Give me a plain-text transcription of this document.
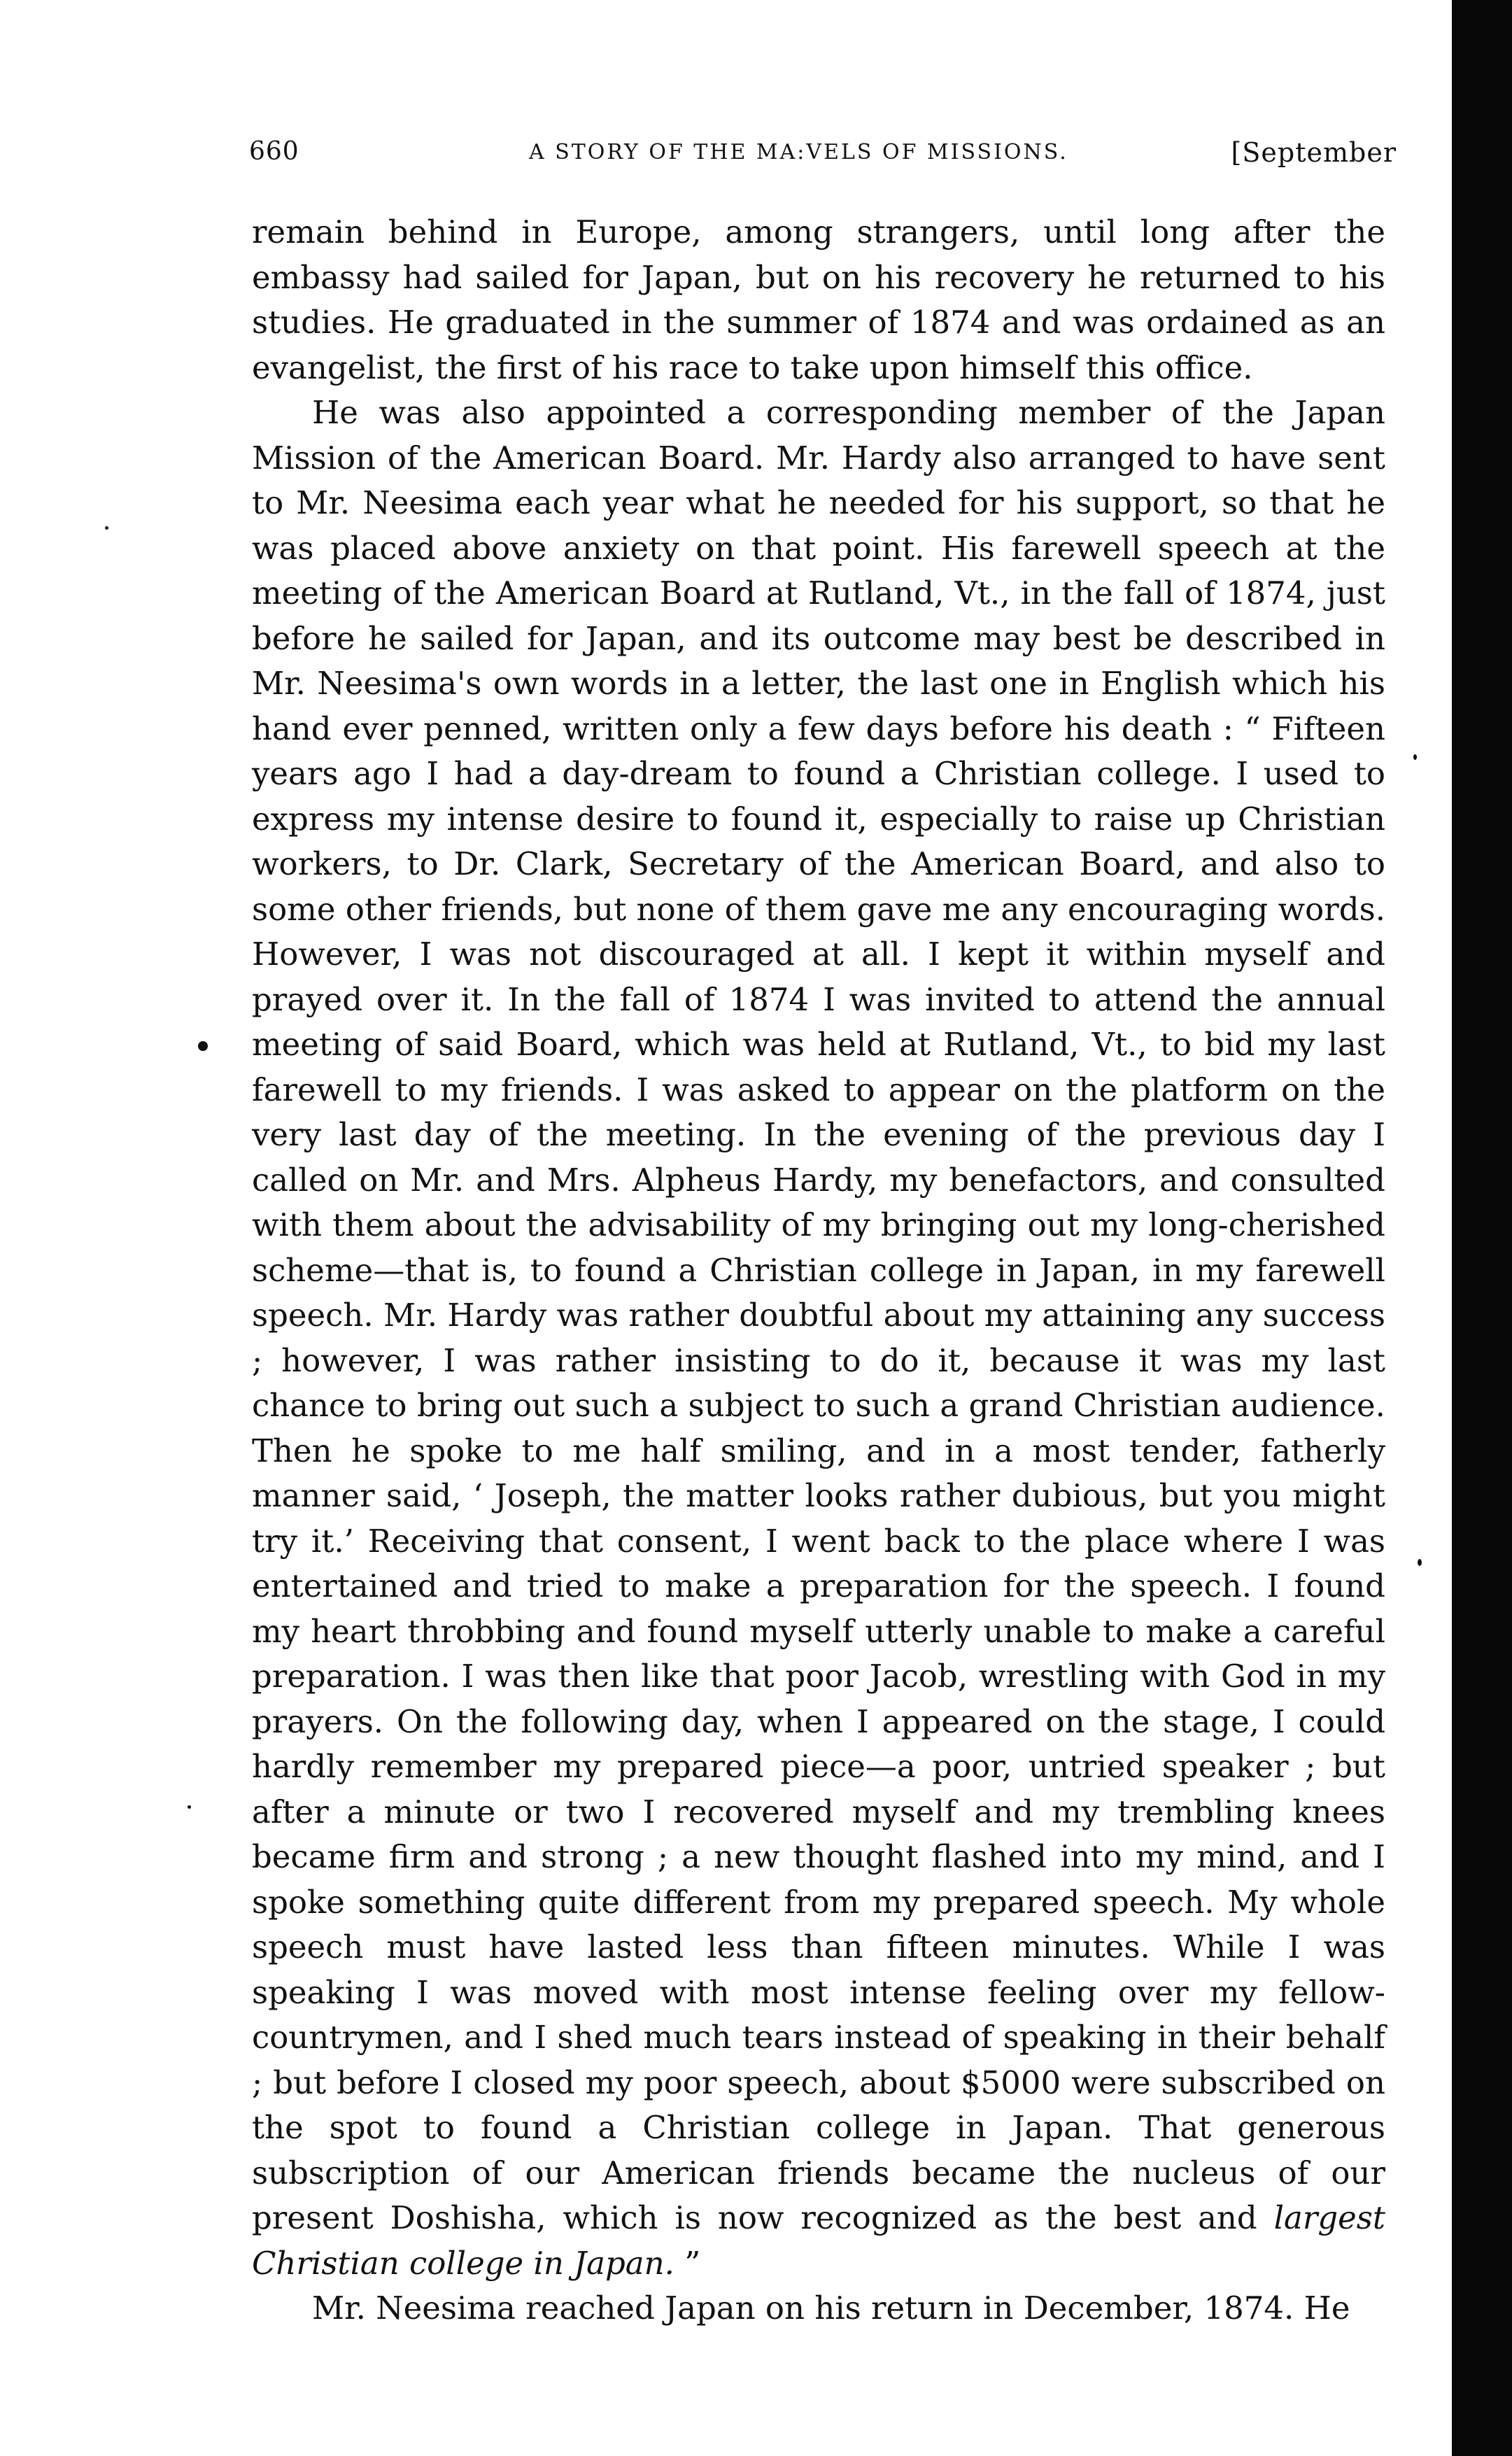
660	A STORY OF THE MA:VELS OF MISSIONS.	[September

remain behind in Europe, among strangers, until long after the embassy had sailed for Japan, but on his recovery he returned to his studies. He graduated in the summer of 1874 and was ordained as an evangelist, the first of his race to take upon himself this office.

He was also appointed a corresponding member of the Japan Mission of the American Board. Mr. Hardy also arranged to have sent to Mr. Neesima each year what he needed for his support, so that he was placed above anxiety on that point. His farewell speech at the meeting of the American Board at Rutland, Vt., in the fall of 1874, just before he sailed for Japan, and its outcome may best be described in Mr. Neesima's own words in a letter, the last one in English which his hand ever penned, written only a few days before his death : “ Fifteen years ago I had a day-dream to found a Christian college. I used to express my intense desire to found it, especially to raise up Christian workers, to Dr. Clark, Secretary of the American Board, and also to some other friends, but none of them gave me any encouraging words. However, I was not discouraged at all. I kept it within myself and prayed over it. In the fall of 1874 I was invited to attend the annual meeting of said Board, which was held at Rutland, Vt., to bid my last farewell to my friends. I was asked to appear on the platform on the very last day of the meeting. In the evening of the previous day I called on Mr. and Mrs. Alpheus Hardy, my benefactors, and consulted with them about the advisability of my bringing out my long-cherished scheme—that is, to found a Christian college in Japan, in my farewell speech. Mr. Hardy was rather doubtful about my attaining any success ; however, I was rather insisting to do it, because it was my last chance to bring out such a subject to such a grand Christian audience. Then he spoke to me half smiling, and in a most tender, fatherly manner said, ‘ Joseph, the matter looks rather dubious, but you might try it.’ Receiving that consent, I went back to the place where I was entertained and tried to make a preparation for the speech. I found my heart throbbing and found myself utterly unable to make a careful preparation. I was then like that poor Jacob, wrestling with God in my prayers. On the following day, when I appeared on the stage, I could hardly remember my prepared piece—a poor, untried speaker ; but after a minute or two I recovered myself and my trembling knees became firm and strong ; a new thought flashed into my mind, and I spoke something quite different from my prepared speech. My whole speech must have lasted less than fifteen minutes. While I was speaking I was moved with most intense feeling over my fellow-countrymen, and I shed much tears instead of speaking in their behalf ; but before I closed my poor speech, about $5000 were subscribed on the spot to found a Christian college in Japan. That generous subscription of our American friends became the nucleus of our present Doshisha, which is now recognized as the best and largest Christian college in Japan. ”

Mr. Neesima reached Japan on his return in December, 1874. He
